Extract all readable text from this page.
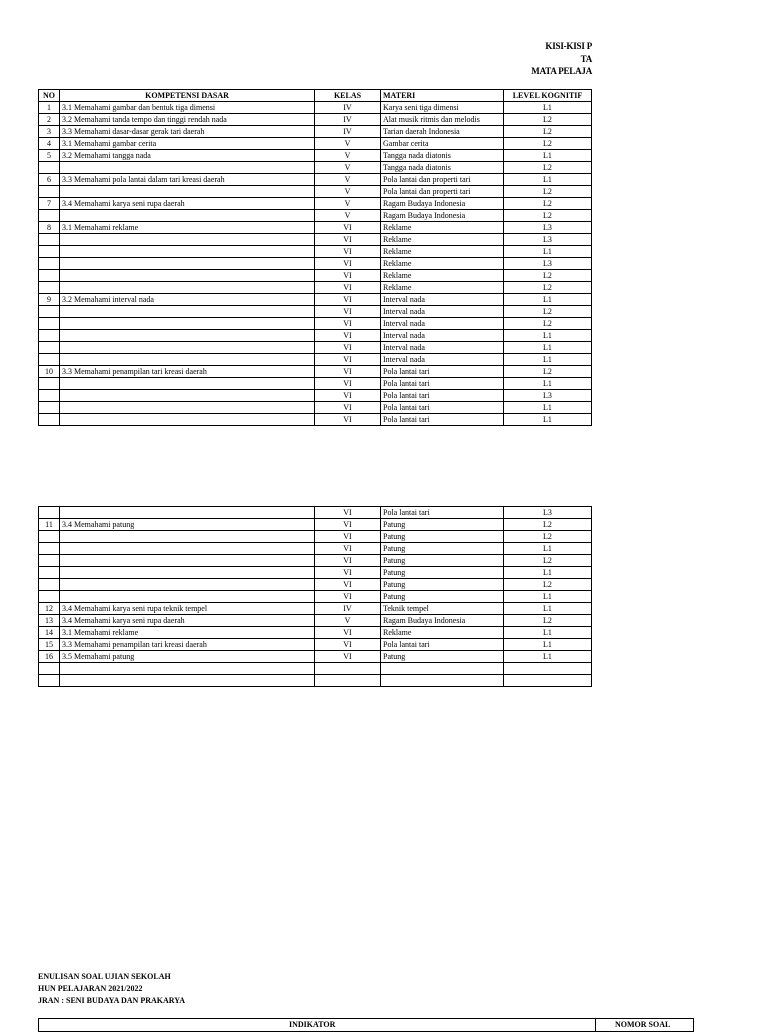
KISI-KISI P
TA
MATA PELAJA
NO	KOMPETENSI DASAR	KELAS	MATERI	LEVEL KOGNITIF
1	3.1 Memahami gambar dan bentuk tiga dimensi	IV	Karya seni tiga dimensi	L1
2	3.2 Memahami tanda tempo dan tinggi rendah nada	IV	Alat musik ritmis dan melodis	L2
3	3.3 Memahami dasar-dasar gerak tari daerah	IV	Tarian daerah Indonesia	L2
4	3.1 Memahami gambar cerita	V	Gambar cerita	L2
5	3.2 Memahami tangga nada	V	Tangga nada diatonis	L1
		V	Tangga nada diatonis	L2
6	3.3 Memahami pola lantai dalam tari kreasi daerah	V	Pola lantai dan properti tari	L1
		V	Pola lantai dan properti tari	L2
7	3.4 Memahami karya seni rupa daerah	V	Ragam Budaya Indonesia	L2
		V	Ragam Budaya Indonesia	L2
8	3.1 Memahami reklame	VI	Reklame	L3
		VI	Reklame	L3
		VI	Reklame	L1
		VI	Reklame	L3
		VI	Reklame	L2
		VI	Reklame	L2
9	3.2 Memahami interval nada	VI	Interval nada	L1
		VI	Interval nada	L2
		VI	Interval nada	L2
		VI	Interval nada	L1
		VI	Interval nada	L1
		VI	Interval nada	L1
10	3.3 Memahami penampilan tari kreasi daerah	VI	Pola lantai tari	L2
		VI	Pola lantai tari	L1
		VI	Pola lantai tari	L3
		VI	Pola lantai tari	L1
		VI	Pola lantai tari	L1
		VI	Pola lantai tari	L3
11	3.4 Memahami patung	VI	Patung	L2
		VI	Patung	L2
		VI	Patung	L1
		VI	Patung	L2
		VI	Patung	L1
		VI	Patung	L2
		VI	Patung	L1
12	3.4 Memahami karya seni rupa teknik tempel	IV	Teknik tempel	L1
13	3.4 Memahami karya seni rupa daerah	V	Ragam Budaya Indonesia	L2
14	3.1 Memahami reklame	VI	Reklame	L1
15	3.3 Memahami penampilan tari kreasi daerah	VI	Pola lantai tari	L1
16	3.5 Memahami patung	VI	Patung	L1

ENULISAN SOAL UJIAN SEKOLAH
HUN PELAJARAN 2021/2022
JRAN : SENI BUDAYA DAN PRAKARYA
INDIKATOR	NOMOR SOAL
